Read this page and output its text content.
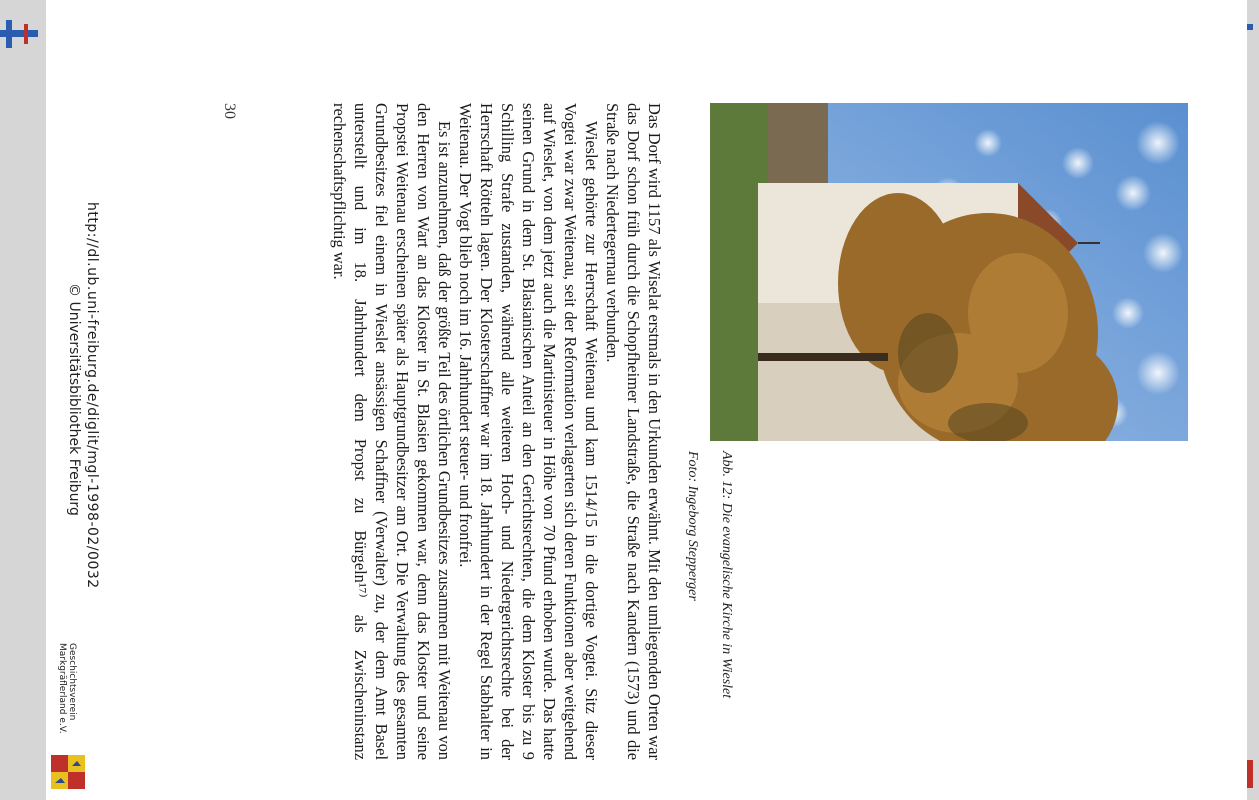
Abb. 12: Die evangelische Kirche in Wieslet
Foto: Ingeborg Stepperger

Das Dorf wird 1157 als Wiselat erstmals in den Urkunden erwähnt. Mit den umliegenden Orten war das Dorf schon früh durch die Schopfheimer Landstraße, die Straße nach Kandern (1573) und die Straße nach Niedertegernau verbunden.

Wieslet gehörte zur Herrschaft Weitenau und kam 1514/15 in die dortige Vogtei. Sitz dieser Vogtei war zwar Weitenau, seit der Reformation verlagerten sich deren Funktionen aber weitgehend auf Wieslet, von dem jetzt auch die Martinisteuer in Höhe von 70 Pfund erhoben wurde. Das hatte seinen Grund in dem St. Blasianischen Anteil an den Gerichtsrechten, die dem Kloster bis zu 9 Schilling Strafe zustanden, während alle weiteren Hoch- und Niedergerichtsrechte bei der Herrschaft Rötteln lagen. Der Klosterschaffner war im 18. Jahrhundert in der Regel Stabhalter in Weitenau. Der Vogt blieb noch im 16. Jahrhundert steuer- und fronfrei.

Es ist anzunehmen, daß der größte Teil des örtlichen Grundbesitzes zusammen mit Weitenau von den Herren von Wart an das Kloster in St. Blasien gekommen war, denn das Kloster und seine Propstei Weitenau erscheinen später als Hauptgrundbesitzer am Ort. Die Verwaltung des gesamten Grundbesitzes fiel einem in Wieslet ansässigen Schaffner (Verwalter) zu, der dem Amt Basel unterstellt und im 18. Jahrhundert dem Propst zu Bürgeln¹⁷⁾ als Zwischeninstanz rechenschaftspflichtig war.

30
http://dl.ub.uni-freiburg.de/diglit/mgl-1998-02/0032
© Universitätsbibliothek Freiburg
Geschichtsverein
Markgräflerland e.V.
